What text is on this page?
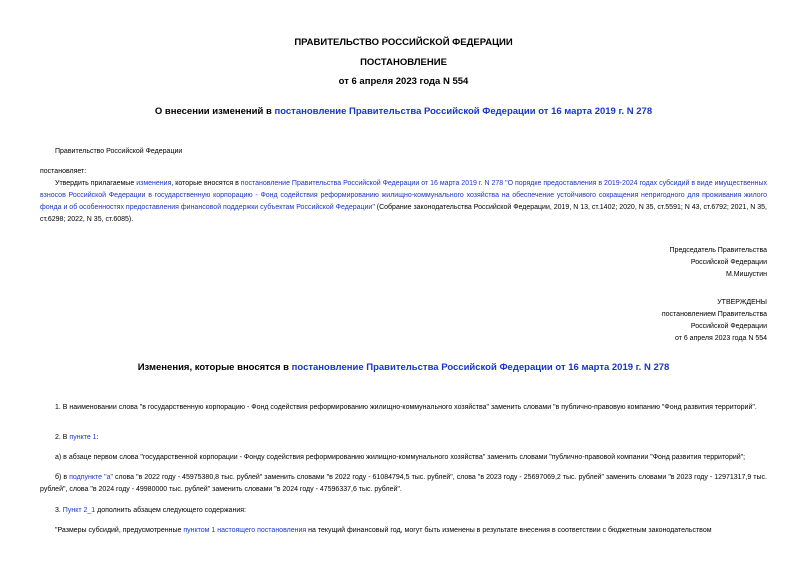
ПРАВИТЕЛЬСТВО РОССИЙСКОЙ ФЕДЕРАЦИИ
ПОСТАНОВЛЕНИЕ
от 6 апреля 2023 года N 554
О внесении изменений в постановление Правительства Российской Федерации от 16 марта 2019 г. N 278
Правительство Российской Федерации
постановляет:
Утвердить прилагаемые изменения, которые вносятся в постановление Правительства Российской Федерации от 16 марта 2019 г. N 278 "О порядке предоставления в 2019-2024 годах субсидий в виде имущественных взносов Российской Федерации в государственную корпорацию - Фонд содействия реформированию жилищно-коммунального хозяйства на обеспечение устойчивого сокращения непригодного для проживания жилого фонда и об особенностях предоставления финансовой поддержки субъектам Российской Федерации" (Собрание законодательства Российской Федерации, 2019, N 13, ст.1402; 2020, N 35, ст.5591; N 43, ст.6792; 2021, N 35, ст.6298; 2022, N 35, ст.6085).
Председатель Правительства
Российской Федерации
М.Мишустин
УТВЕРЖДЕНЫ
постановлением Правительства
Российской Федерации
от 6 апреля 2023 года N 554
Изменения, которые вносятся в постановление Правительства Российской Федерации от 16 марта 2019 г. N 278
1. В наименовании слова "в государственную корпорацию - Фонд содействия реформированию жилищно-коммунального хозяйства" заменить словами "в публично-правовую компанию "Фонд развития территорий".
2. В пункте 1:
а) в абзаце первом слова "государственной корпорации - Фонду содействия реформированию жилищно-коммунального хозяйства" заменить словами "публично-правовой компании "Фонд развития территорий";
б) в подпункте "а" слова "в 2022 году - 45975380,8 тыс. рублей" заменить словами "в 2022 году - 61084794,5 тыс. рублей", слова "в 2023 году - 25697069,2 тыс. рублей" заменить словами "в 2023 году - 12971317,9 тыс. рублей", слова "в 2024 году - 49980000 тыс. рублей" заменить словами "в 2024 году - 47596337,6 тыс. рублей".
3. Пункт 2_1 дополнить абзацем следующего содержания:
"Размеры субсидий, предусмотренные пунктом 1 настоящего постановления на текущий финансовый год, могут быть изменены в результате внесения в соответствии с бюджетным законодательством
